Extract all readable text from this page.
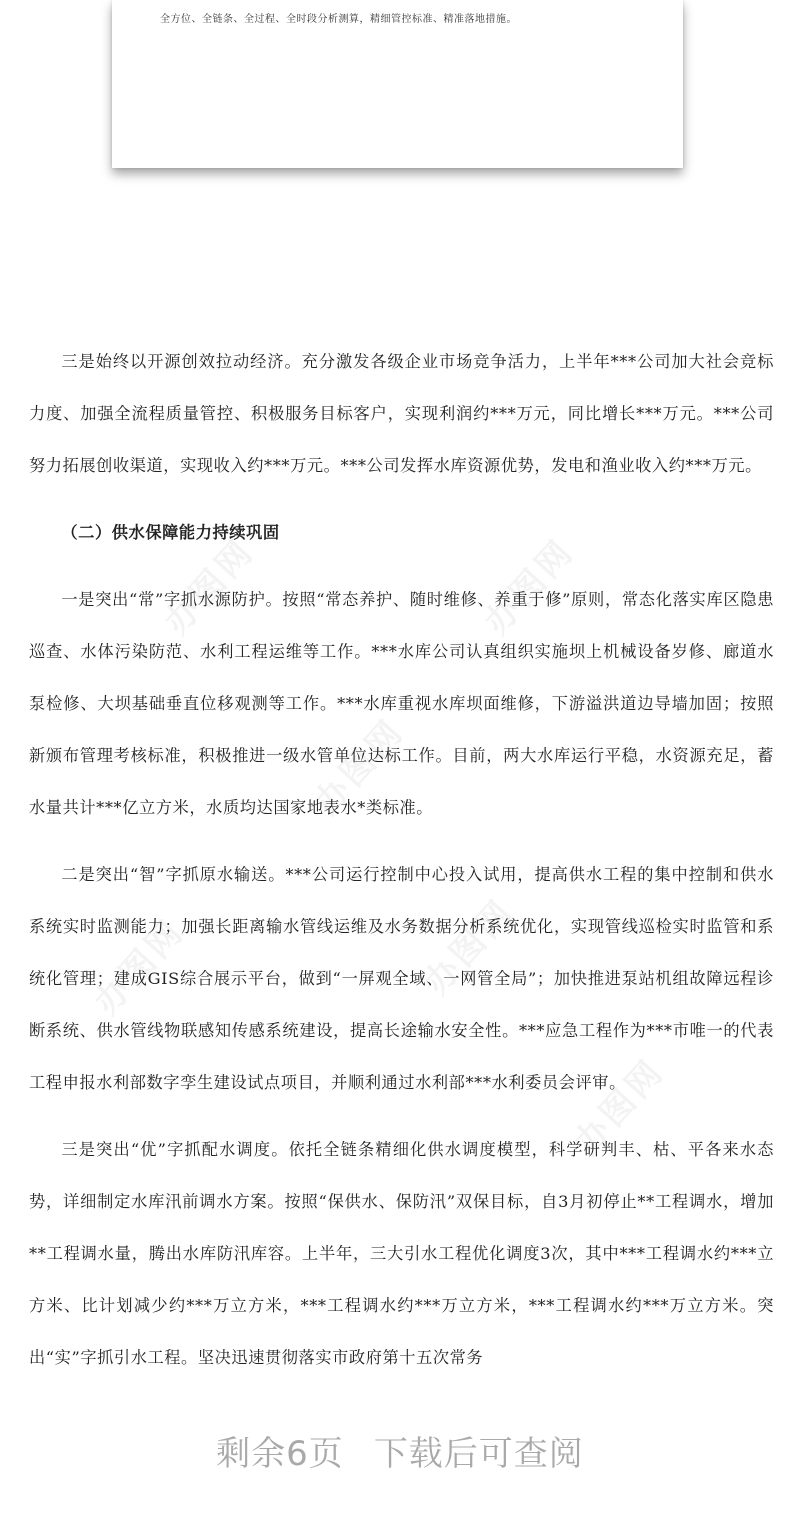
全方位、全链条、全过程、全时段分析测算，精细管控标准、精准落地措施。
办图网	办图网
办图网
办图网	办图网
办图网

三是始终以开源创效拉动经济。充分激发各级企业市场竞争活力，上半年***公司加大社会竞标力度、加强全流程质量管控、积极服务目标客户，实现利润约***万元，同比增长***万元。***公司努力拓展创收渠道，实现收入约***万元。***公司发挥水库资源优势，发电和渔业收入约***万元。

（二）供水保障能力持续巩固

一是突出“常”字抓水源防护。按照“常态养护、随时维修、养重于修”原则，常态化落实库区隐患巡查、水体污染防范、水利工程运维等工作。***水库公司认真组织实施坝上机械设备岁修、廊道水泵检修、大坝基础垂直位移观测等工作。***水库重视水库坝面维修，下游溢洪道边导墙加固；按照新颁布管理考核标准，积极推进一级水管单位达标工作。目前，两大水库运行平稳，水资源充足，蓄水量共计***亿立方米，水质均达国家地表水*类标准。

二是突出“智”字抓原水输送。***公司运行控制中心投入试用，提高供水工程的集中控制和供水系统实时监测能力；加强长距离输水管线运维及水务数据分析系统优化，实现管线巡检实时监管和系统化管理；建成GIS综合展示平台，做到“一屏观全域、一网管全局”；加快推进泵站机组故障远程诊断系统、供水管线物联感知传感系统建设，提高长途输水安全性。***应急工程作为***市唯一的代表工程申报水利部数字孪生建设试点项目，并顺利通过水利部***水利委员会评审。

三是突出“优”字抓配水调度。依托全链条精细化供水调度模型，科学研判丰、枯、平各来水态势，详细制定水库汛前调水方案。按照“保供水、保防汛”双保目标，自3月初停止**工程调水，增加**工程调水量，腾出水库防汛库容。上半年，三大引水工程优化调度3次，其中***工程调水约***立方米、比计划减少约***万立方米，***工程调水约***万立方米，***工程调水约***万立方米。突出“实”字抓引水工程。坚决迅速贯彻落实市政府第十五次常务

剩余6页 下载后可查阅
